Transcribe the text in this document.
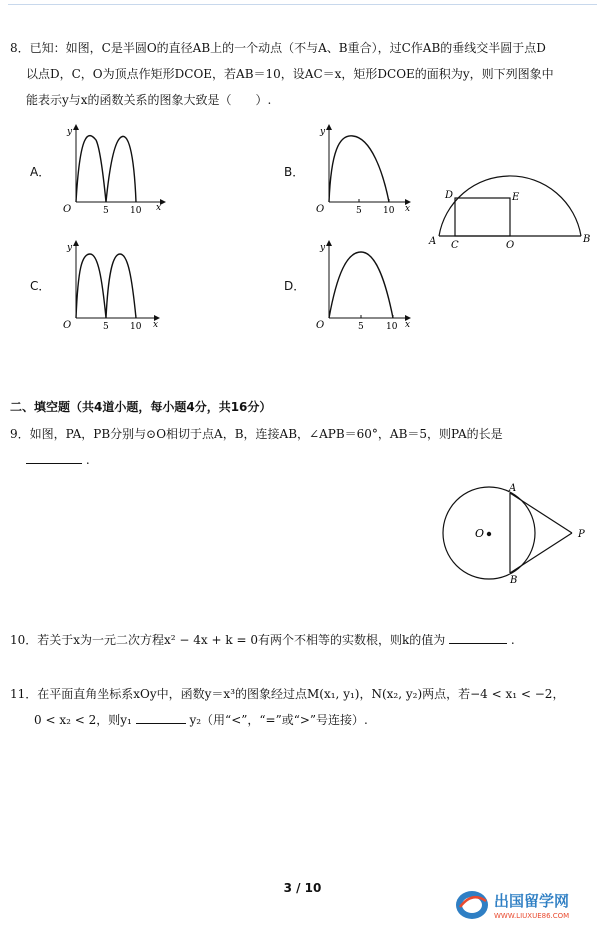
8．已知：如图，C是半圆O的直径AB上的一个动点（不与A、B重合），过C作AB的垂线交半圆于点D
以点D，C，O为顶点作矩形DCOE，若AB＝10，设AC＝x，矩形DCOE的面积为y，则下列图象中
能表示y与x的函数关系的图象大致是（　　）.
A．	B．
C．	D．
y
x
O	5 10
y
x
O	5 10
y
x
O	5 10
y
x
O	5 10
A C	O
B
D	E
二、填空题（共4道小题，每小题4分，共16分）
9．如图，PA，PB分别与⊙O相切于点A，B，连接AB，∠APB＝60°，AB＝5，则PA的长是
.
O
A
B
P
10．若关于x为一元二次方程x² − 4x + k = 0有两个不相等的实数根，则k的值为	.
11．在平面直角坐标系xOy中，函数y＝x³的图象经过点M(x₁, y₁)，N(x₂, y₂)两点，若−4 < x₁ < −2，
0 < x₂ < 2，则y₁	y₂（用“<”，“=”或“>”号连接）.
3 / 10
出国留学网
WWW.LIUXUE86.COM
